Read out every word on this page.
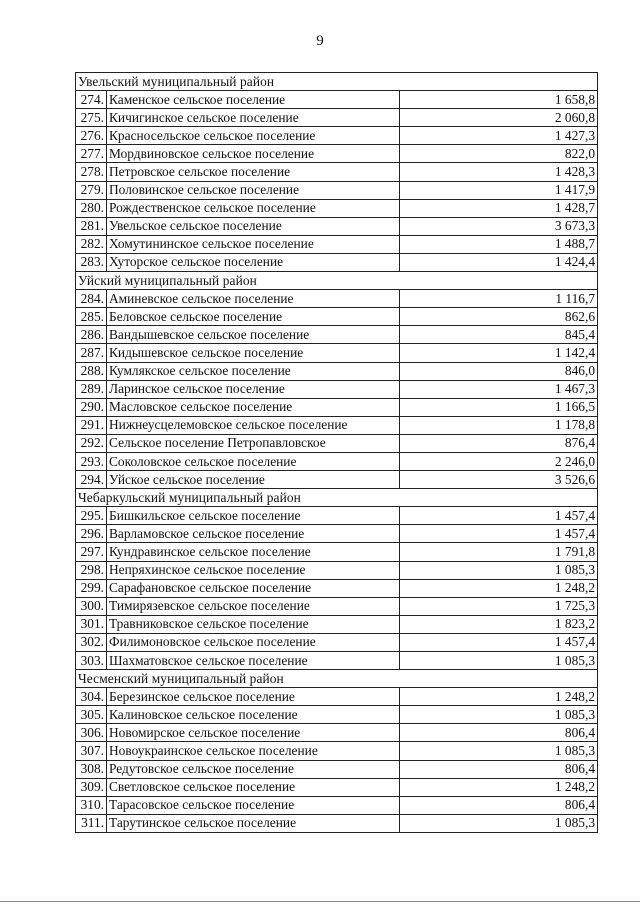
9
Увельский муниципальный район		
274.	Каменское сельское поселение	1 658,8
275.	Кичигинское сельское поселение	2 060,8
276.	Красносельское сельское поселение	1 427,3
277.	Мордвиновское сельское поселение	822,0
278.	Петровское сельское поселение	1 428,3
279.	Половинское сельское поселение	1 417,9
280.	Рождественское сельское поселение	1 428,7
281.	Увельское сельское поселение	3 673,3
282.	Хомутининское сельское поселение	1 488,7
283.	Хуторское сельское поселение	1 424,4
Уйский муниципальный район		
284.	Аминевское сельское поселение	1 116,7
285.	Беловское сельское поселение	862,6
286.	Вандышевское сельское поселение	845,4
287.	Кидышевское сельское поселение	1 142,4
288.	Кумлякское сельское поселение	846,0
289.	Ларинское сельское поселение	1 467,3
290.	Масловское сельское поселение	1 166,5
291.	Нижнеусцелемовское сельское поселение	1 178,8
292.	Сельское поселение Петропавловское	876,4
293.	Соколовское сельское поселение	2 246,0
294.	Уйское сельское поселение	3 526,6
Чебаркульский муниципальный район		
295.	Бишкильское сельское поселение	1 457,4
296.	Варламовское сельское поселение	1 457,4
297.	Кундравинское сельское поселение	1 791,8
298.	Непряхинское сельское поселение	1 085,3
299.	Сарафановское сельское поселение	1 248,2
300.	Тимирязевское сельское поселение	1 725,3
301.	Травниковское сельское поселение	1 823,2
302.	Филимоновское сельское поселение	1 457,4
303.	Шахматовское сельское поселение	1 085,3
Чесменский муниципальный район		
304.	Березинское сельское поселение	1 248,2
305.	Калиновское сельское поселение	1 085,3
306.	Новомирское сельское поселение	806,4
307.	Новоукраинское сельское поселение	1 085,3
308.	Редутовское сельское поселение	806,4
309.	Светловское сельское поселение	1 248,2
310.	Тарасовское сельское поселение	806,4
311.	Тарутинское сельское поселение	1 085,3
